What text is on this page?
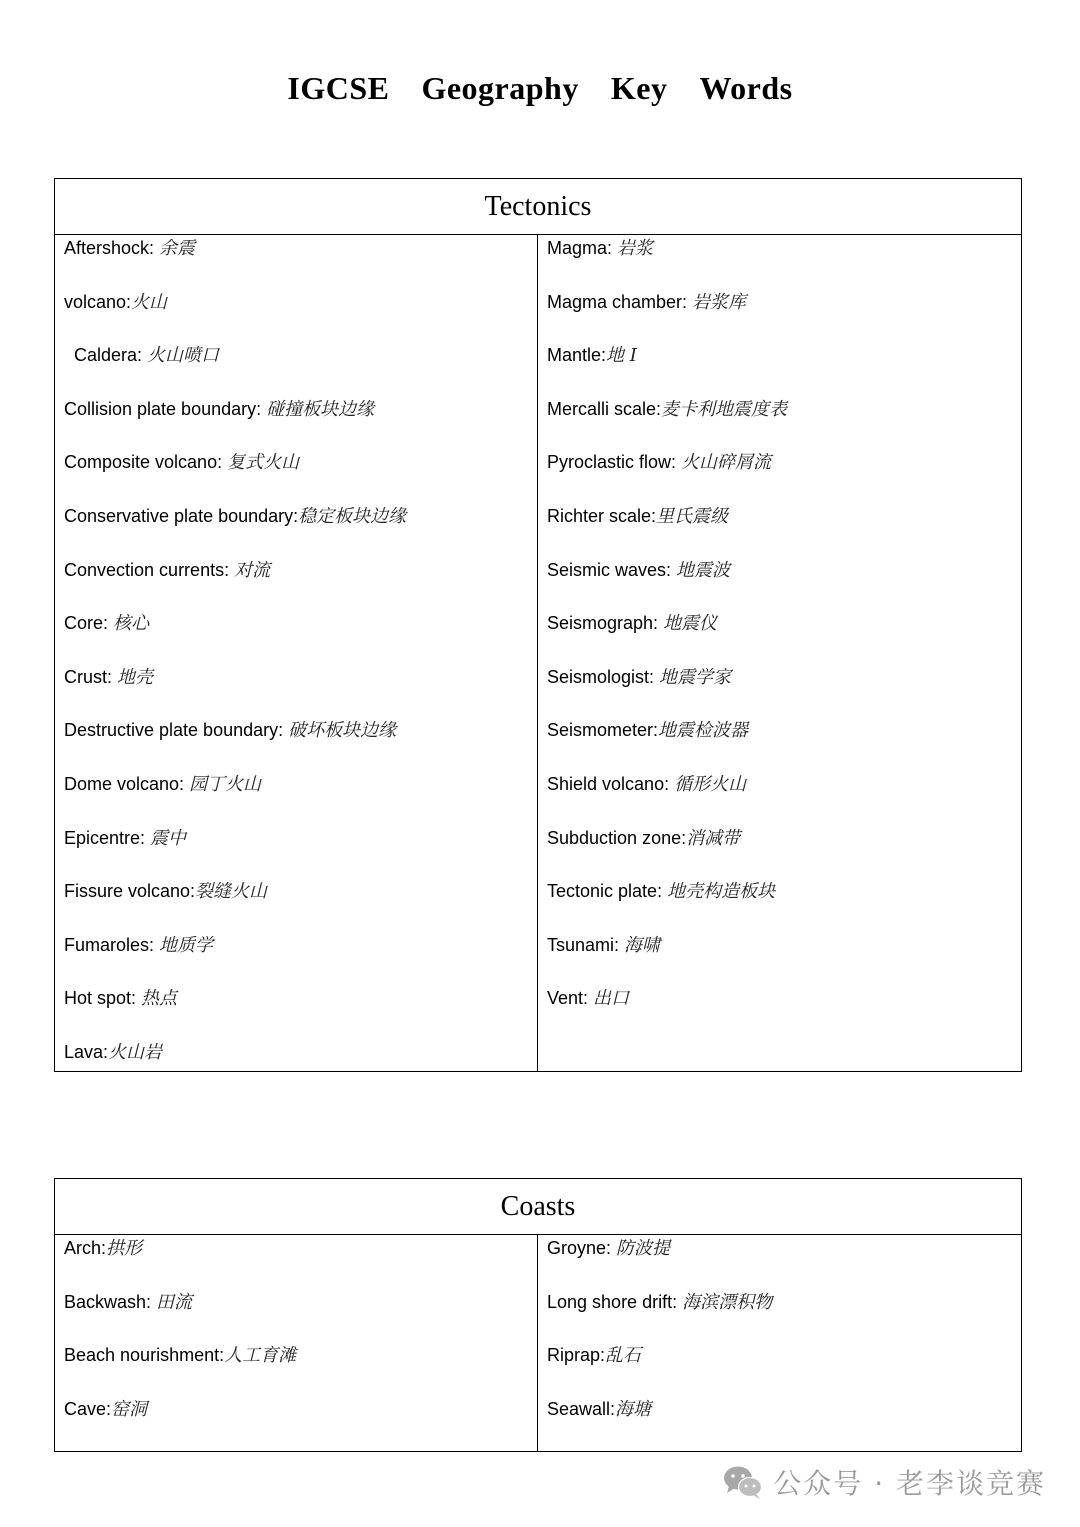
IGCSE Geography Key Words
Tectonics
Aftershock: 余震
volcano:火山
Caldera: 火山喷口
Collision plate boundary: 碰撞板块边缘
Composite volcano: 复式火山
Conservative plate boundary:稳定板块边缘
Convection currents: 对流
Core: 核心
Crust: 地壳
Destructive plate boundary: 破坏板块边缘
Dome volcano: 园丁火山
Epicentre: 震中
Fissure volcano:裂缝火山
Fumaroles: 地质学
Hot spot: 热点
Lava:火山岩
Magma: 岩浆
Magma chamber: 岩浆库
Mantle:地 I
Mercalli scale:麦卡利地震度表
Pyroclastic flow: 火山碎屑流
Richter scale:里氏震级
Seismic waves: 地震波
Seismograph: 地震仪
Seismologist: 地震学家
Seismometer:地震检波器
Shield volcano: 循形火山
Subduction zone:消减带
Tectonic plate: 地壳构造板块
Tsunami: 海啸
Vent: 出口
Coasts
Arch:拱形
Backwash: 田流
Beach nourishment:人工育滩
Cave:窑洞
Groyne: 防波提
Long shore drift: 海滨漂积物
Riprap:乱石
Seawall:海塘
公众号 · 老李谈竞赛
